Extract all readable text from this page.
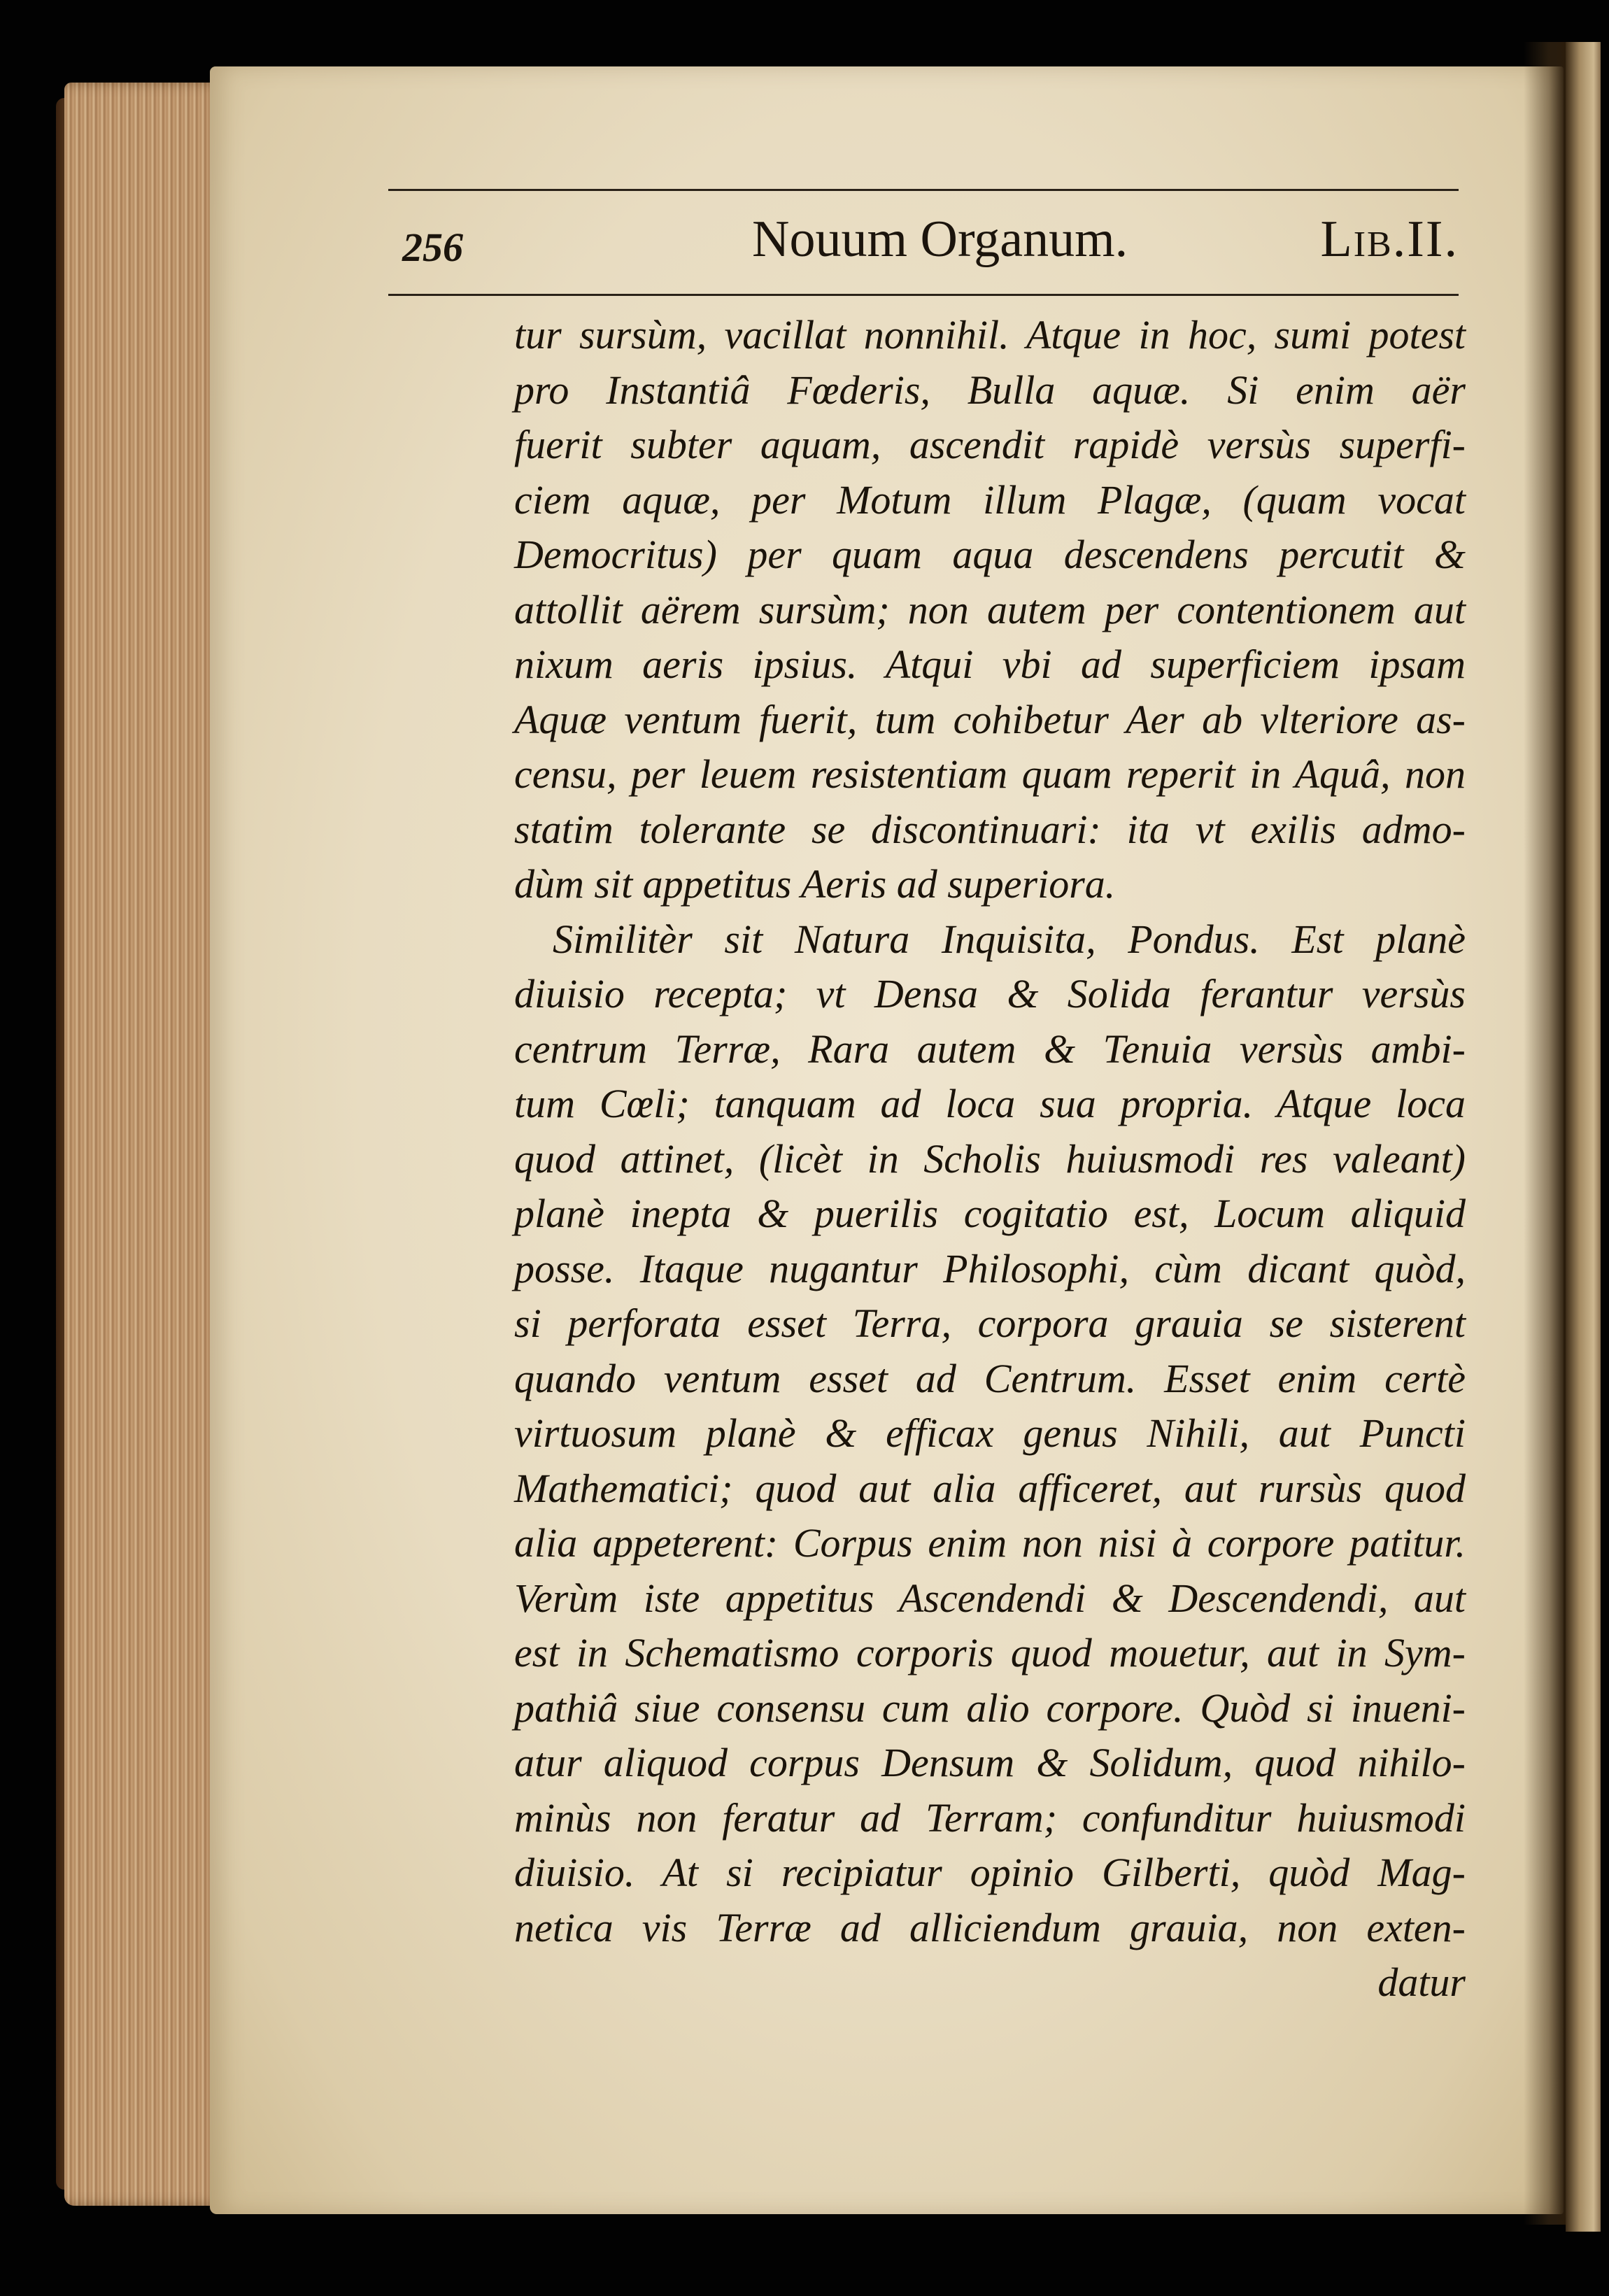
256	Nouum Organum.	Lib.II.
tur sursùm, vacillat nonnihil. Atque in hoc, sumi potest
pro Instantiâ Fœderis, Bulla aquæ. Si enim aër
fuerit subter aquam, ascendit rapidè versùs superfi-
ciem aquæ, per Motum illum Plagæ, (quam vocat
Democritus) per quam aqua descendens percutit &
attollit aërem sursùm; non autem per contentionem aut
nixum aeris ipsius. Atqui vbi ad superficiem ipsam
Aquæ ventum fuerit, tum cohibetur Aer ab vlteriore as-
censu, per leuem resistentiam quam reperit in Aquâ, non
statim tolerante se discontinuari: ita vt exilis admo-
dùm sit appetitus Aeris ad superiora.
Similitèr sit Natura Inquisita, Pondus. Est planè
diuisio recepta; vt Densa & Solida ferantur versùs
centrum Terræ, Rara autem & Tenuia versùs ambi-
tum Cœli; tanquam ad loca sua propria. Atque loca
quod attinet, (licèt in Scholis huiusmodi res valeant)
planè inepta & puerilis cogitatio est, Locum aliquid
posse. Itaque nugantur Philosophi, cùm dicant quòd,
si perforata esset Terra, corpora grauia se sisterent
quando ventum esset ad Centrum. Esset enim certè
virtuosum planè & efficax genus Nihili, aut Puncti
Mathematici; quod aut alia afficeret, aut rursùs quod
alia appeterent: Corpus enim non nisi à corpore patitur.
Verùm iste appetitus Ascendendi & Descendendi, aut
est in Schematismo corporis quod mouetur, aut in Sym-
pathiâ siue consensu cum alio corpore. Quòd si inueni-
atur aliquod corpus Densum & Solidum, quod nihilo-
minùs non feratur ad Terram; confunditur huiusmodi
diuisio. At si recipiatur opinio Gilberti, quòd Mag-
netica vis Terræ ad alliciendum grauia, non exten-
datur
